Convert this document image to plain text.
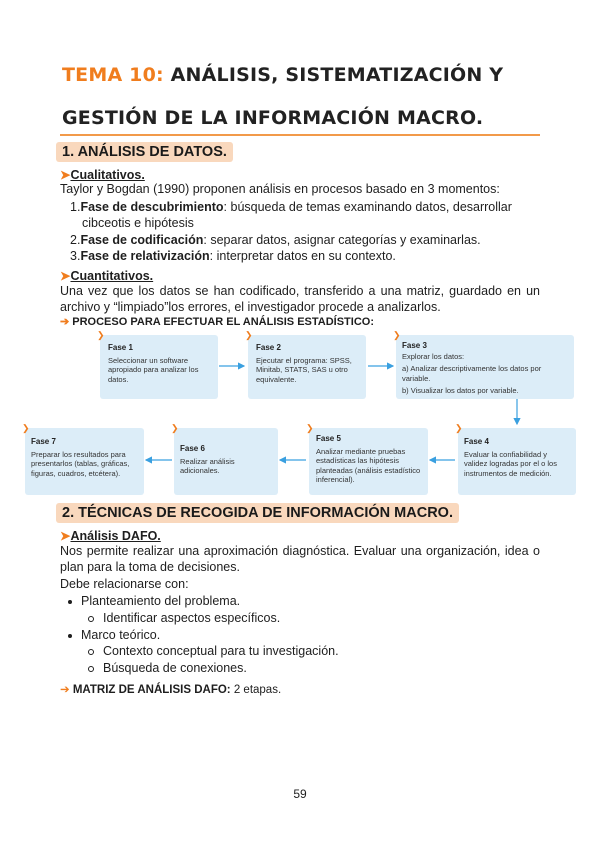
TEMA 10: ANÁLISIS, SISTEMATIZACIÓN Y
GESTIÓN DE LA INFORMACIÓN MACRO.
1. ANÁLISIS DE DATOS.
➤Cualitativos.
Taylor y Bogdan (1990) proponen análisis en procesos basado en 3 momentos:
1.Fase de descubrimiento: búsqueda de temas examinando datos, desarrollar
cibceotis e hipótesis
2.Fase de codificación: separar datos, asignar categorías y examinarlas.
3.Fase de relativización: interpretar datos en su contexto.
➤Cuantitativos.
Una vez que los datos se han codificado, transferido a una matriz, guardado en un
archivo y “limpiado”los errores, el investigador procede a analizarlos.
➔ PROCESO PARA EFECTUAR EL ANÁLISIS ESTADÍSTICO:
❯
Fase 1
Seleccionar un software apropiado para analizar los datos.
❯
Fase 2
Ejecutar el programa: SPSS, Minitab, STATS, SAS u otro equivalente.
❯
Fase 3
Explorar los datos:
a) Analizar descriptivamente los datos por variable.
b) Visualizar los datos por variable.
❯
Fase 4
Evaluar la confiabilidad y validez logradas por el o los instrumentos de medición.
❯
Fase 5
Analizar mediante pruebas estadísticas las hipótesis planteadas (análisis estadístico inferencial).
❯
Fase 6
Realizar análisis adicionales.
❯
Fase 7
Preparar los resultados para presentarlos (tablas, gráficas, figuras, cuadros, etcétera).
2. TÉCNICAS DE RECOGIDA DE INFORMACIÓN MACRO.
➤Análisis DAFO.
Nos permite realizar una aproximación diagnóstica. Evaluar una organización, idea o
plan para la toma de decisiones.
Debe relacionarse con:
Planteamiento del problema.
Identificar aspectos específicos.
Marco teórico.
Contexto conceptual para tu investigación.
Búsqueda de conexiones.
➔ MATRIZ DE ANÁLISIS DAFO: 2 etapas.
59
